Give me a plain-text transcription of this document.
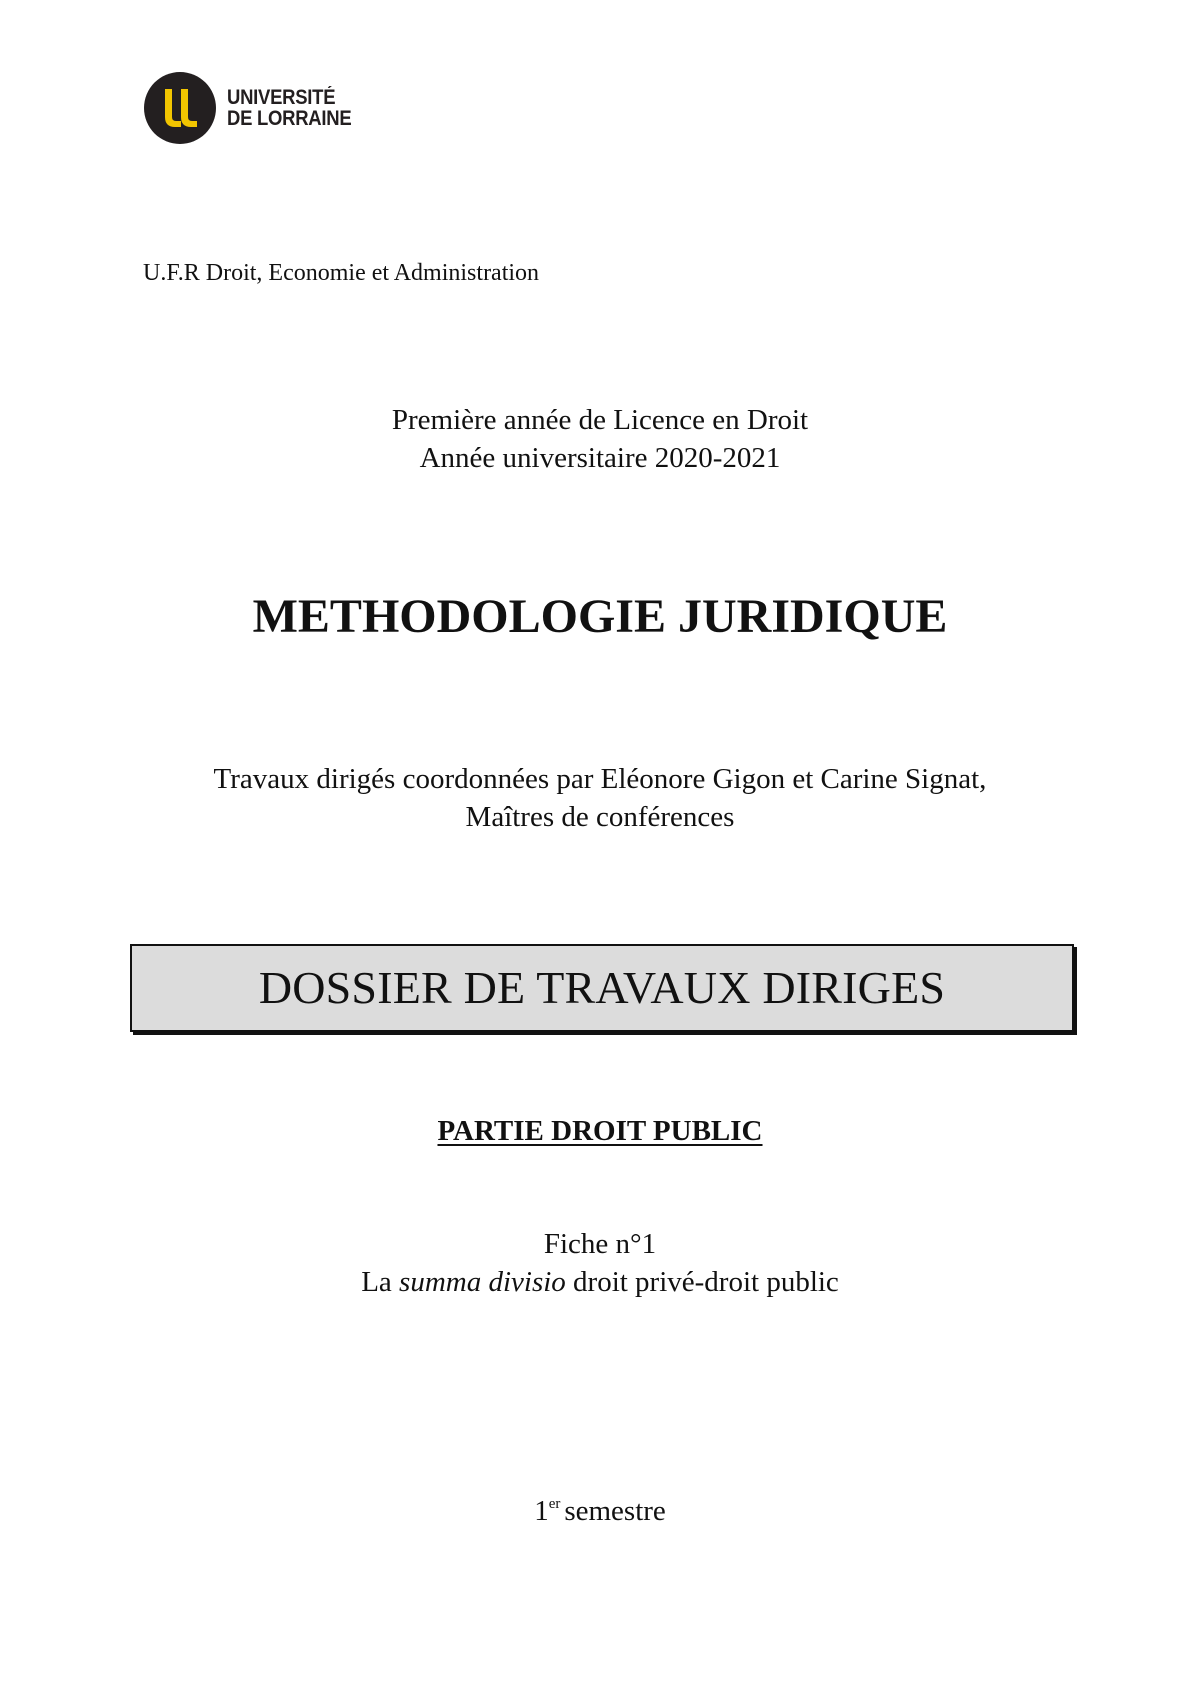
UNIVERSITÉ
DE LORRAINE
U.F.R Droit, Economie et Administration
Première année de Licence en Droit
Année universitaire 2020-2021
METHODOLOGIE JURIDIQUE
Travaux dirigés coordonnées par Eléonore Gigon et Carine Signat,
Maîtres de conférences
DOSSIER DE TRAVAUX DIRIGES
PARTIE DROIT PUBLIC
Fiche n°1
La summa divisio droit privé-droit public
1er semestre
